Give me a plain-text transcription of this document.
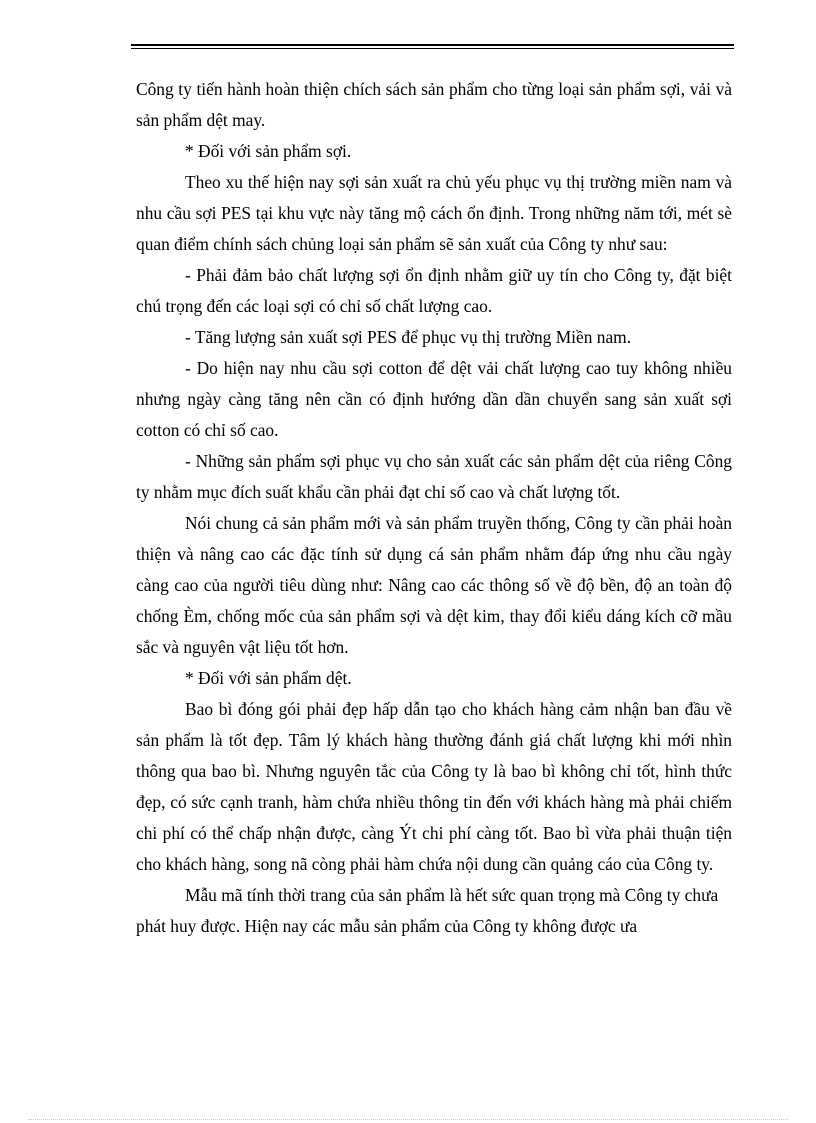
Công ty tiến hành hoàn thiện chích sách sản phẩm cho từng loại sản phẩm sợi, vải và sản phẩm dệt may.

* Đối với sản phẩm sợi.

Theo xu thế hiện nay sợi sản xuất ra chủ yếu phục vụ thị trường miền nam và nhu cầu sợi PES tại khu vực này tăng mộ cách ổn định. Trong những năm tới, mét sè quan điểm chính sách chủng loại sản phẩm sẽ sản xuất của Công ty như sau:

- Phải đảm bảo chất lượng sợi ổn định nhằm giữ uy tín cho Công ty, đặt biệt chú trọng đến các loại sợi có chỉ số chất lượng cao.

- Tăng lượng sản xuất sợi PES để phục vụ thị trường Miền nam.

- Do hiện nay nhu cầu sợi cotton để dệt vải chất lượng cao tuy không nhiều nhưng ngày càng tăng nên cần có định hướng dần dần chuyển sang sản xuất sợi cotton có chỉ số cao.

- Những sản phẩm sợi phục vụ cho sản xuất các sản phẩm dệt của riêng Công ty nhằm mục đích suất khẩu cần phải đạt chỉ số cao và chất lượng tốt.

Nói chung cả sản phẩm mới và sản phẩm truyền thống, Công ty cần phải hoàn thiện và nâng cao các đặc tính sử dụng cá sản phẩm nhằm đáp ứng nhu cầu ngày càng cao của người tiêu dùng như: Nâng cao các thông số về độ bền, độ an toàn độ chống Èm, chống mốc của sản phẩm sợi và dệt kim, thay đổi kiểu dáng kích cỡ mầu sắc và nguyên vật liệu tốt hơn.

* Đối với sản phẩm dệt.

Bao bì đóng gói phải đẹp hấp dẫn tạo cho khách hàng cảm nhận ban đầu về sản phẩm là tốt đẹp. Tâm lý khách hàng thường đánh giá chất lượng khi mới nhìn thông qua bao bì. Nhưng nguyên tắc của Công ty là bao bì không chỉ tốt, hình thức đẹp, có sức cạnh tranh, hàm chứa nhiều thông tin đến với khách hàng mà phải chiếm chi phí có thể chấp nhận được, càng Ýt chi phí càng tốt. Bao bì vừa phải thuận tiện cho khách hàng, song nã còng phải hàm chứa nội dung cần quảng cáo của Công ty.

Mẫu mã tính thời trang của sản phẩm là hết sức quan trọng mà Công ty chưa phát huy được. Hiện nay các mẫu sản phẩm của Công ty không được ưa
